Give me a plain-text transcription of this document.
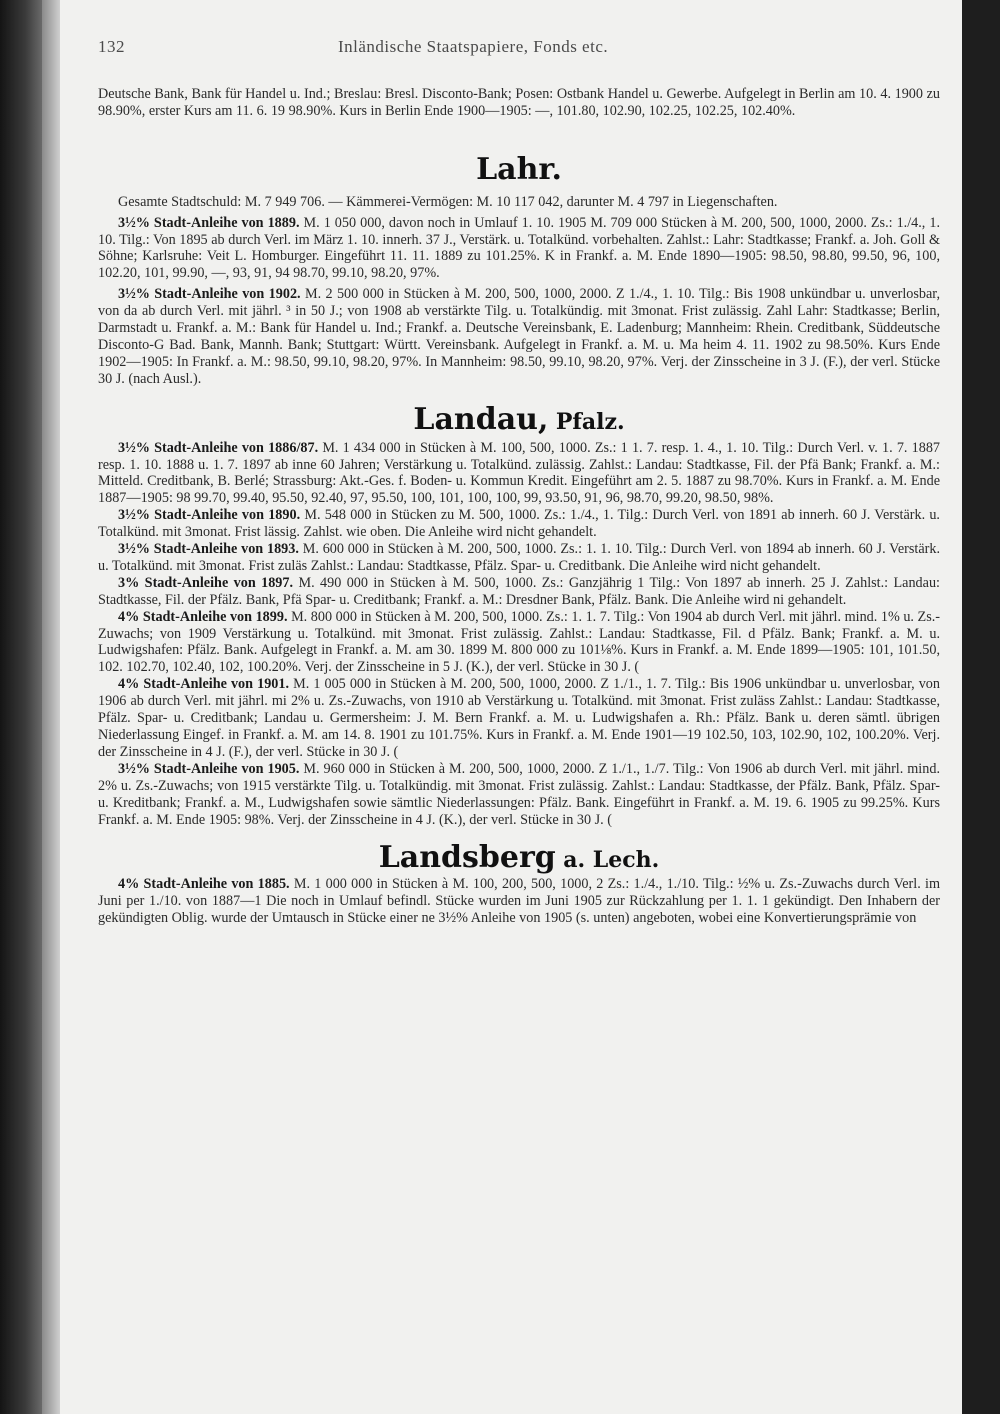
132	Inländische Staatspapiere, Fonds etc.

Deutsche Bank, Bank für Handel u. Ind.; Breslau: Bresl. Disconto-Bank; Posen: Ostbank Handel u. Gewerbe. Aufgelegt in Berlin am 10. 4. 1900 zu 98.90%, erster Kurs am 11. 6. 19 98.90%. Kurs in Berlin Ende 1900—1905: —, 101.80, 102.90, 102.25, 102.25, 102.40%.

Lahr.

Gesamte Stadtschuld: M. 7 949 706. — Kämmerei-Vermögen: M. 10 117 042, darunter M. 4 797 in Liegenschaften.

3½% Stadt-Anleihe von 1889. M. 1 050 000, davon noch in Umlauf 1. 10. 1905 M. 709 000 Stücken à M. 200, 500, 1000, 2000. Zs.: 1./4., 1. 10. Tilg.: Von 1895 ab durch Verl. im März 1. 10. innerh. 37 J., Verstärk. u. Totalkünd. vorbehalten. Zahlst.: Lahr: Stadtkasse; Frankf. a. Joh. Goll & Söhne; Karlsruhe: Veit L. Homburger. Eingeführt 11. 11. 1889 zu 101.25%. K in Frankf. a. M. Ende 1890—1905: 98.50, 98.80, 99.50, 96, 100, 102.20, 101, 99.90, —, 93, 91, 94 98.70, 99.10, 98.20, 97%.

3½% Stadt-Anleihe von 1902. M. 2 500 000 in Stücken à M. 200, 500, 1000, 2000. Z 1./4., 1. 10. Tilg.: Bis 1908 unkündbar u. unverlosbar, von da ab durch Verl. mit jährl. ³ in 50 J.; von 1908 ab verstärkte Tilg. u. Totalkündig. mit 3monat. Frist zulässig. Zahl Lahr: Stadtkasse; Berlin, Darmstadt u. Frankf. a. M.: Bank für Handel u. Ind.; Frankf. a. Deutsche Vereinsbank, E. Ladenburg; Mannheim: Rhein. Creditbank, Süddeutsche Disconto-G Bad. Bank, Mannh. Bank; Stuttgart: Württ. Vereinsbank. Aufgelegt in Frankf. a. M. u. Ma heim 4. 11. 1902 zu 98.50%. Kurs Ende 1902—1905: In Frankf. a. M.: 98.50, 99.10, 98.20, 97%. In Mannheim: 98.50, 99.10, 98.20, 97%. Verj. der Zinsscheine in 3 J. (F.), der verl. Stücke 30 J. (nach Ausl.).

Landau, Pfalz.

3½% Stadt-Anleihe von 1886/87. M. 1 434 000 in Stücken à M. 100, 500, 1000. Zs.: 1 1. 7. resp. 1. 4., 1. 10. Tilg.: Durch Verl. v. 1. 7. 1887 resp. 1. 10. 1888 u. 1. 7. 1897 ab inne 60 Jahren; Verstärkung u. Totalkünd. zulässig. Zahlst.: Landau: Stadtkasse, Fil. der Pfä Bank; Frankf. a. M.: Mitteld. Creditbank, B. Berlé; Strassburg: Akt.-Ges. f. Boden- u. Kommun Kredit. Eingeführt am 2. 5. 1887 zu 98.70%. Kurs in Frankf. a. M. Ende 1887—1905: 98 99.70, 99.40, 95.50, 92.40, 97, 95.50, 100, 101, 100, 100, 99, 93.50, 91, 96, 98.70, 99.20, 98.50, 98%.

3½% Stadt-Anleihe von 1890. M. 548 000 in Stücken zu M. 500, 1000. Zs.: 1./4., 1. Tilg.: Durch Verl. von 1891 ab innerh. 60 J. Verstärk. u. Totalkünd. mit 3monat. Frist lässig. Zahlst. wie oben. Die Anleihe wird nicht gehandelt.

3½% Stadt-Anleihe von 1893. M. 600 000 in Stücken à M. 200, 500, 1000. Zs.: 1. 1. 10. Tilg.: Durch Verl. von 1894 ab innerh. 60 J. Verstärk. u. Totalkünd. mit 3monat. Frist zuläs Zahlst.: Landau: Stadtkasse, Pfälz. Spar- u. Creditbank. Die Anleihe wird nicht gehandelt.

3% Stadt-Anleihe von 1897. M. 490 000 in Stücken à M. 500, 1000. Zs.: Ganzjährig 1 Tilg.: Von 1897 ab innerh. 25 J. Zahlst.: Landau: Stadtkasse, Fil. der Pfälz. Bank, Pfä Spar- u. Creditbank; Frankf. a. M.: Dresdner Bank, Pfälz. Bank. Die Anleihe wird ni gehandelt.

4% Stadt-Anleihe von 1899. M. 800 000 in Stücken à M. 200, 500, 1000. Zs.: 1. 1. 7. Tilg.: Von 1904 ab durch Verl. mit jährl. mind. 1% u. Zs.-Zuwachs; von 1909 Verstärkung u. Totalkünd. mit 3monat. Frist zulässig. Zahlst.: Landau: Stadtkasse, Fil. d Pfälz. Bank; Frankf. a. M. u. Ludwigshafen: Pfälz. Bank. Aufgelegt in Frankf. a. M. am 30. 1899 M. 800 000 zu 101⅛%. Kurs in Frankf. a. M. Ende 1899—1905: 101, 101.50, 102. 102.70, 102.40, 102, 100.20%. Verj. der Zinsscheine in 5 J. (K.), der verl. Stücke in 30 J. (

4% Stadt-Anleihe von 1901. M. 1 005 000 in Stücken à M. 200, 500, 1000, 2000. Z 1./1., 1. 7. Tilg.: Bis 1906 unkündbar u. unverlosbar, von 1906 ab durch Verl. mit jährl. mi 2% u. Zs.-Zuwachs, von 1910 ab Verstärkung u. Totalkünd. mit 3monat. Frist zuläss Zahlst.: Landau: Stadtkasse, Pfälz. Spar- u. Creditbank; Landau u. Germersheim: J. M. Bern Frankf. a. M. u. Ludwigshafen a. Rh.: Pfälz. Bank u. deren sämtl. übrigen Niederlassung Eingef. in Frankf. a. M. am 14. 8. 1901 zu 101.75%. Kurs in Frankf. a. M. Ende 1901—19 102.50, 103, 102.90, 102, 100.20%. Verj. der Zinsscheine in 4 J. (F.), der verl. Stücke in 30 J. (

3½% Stadt-Anleihe von 1905. M. 960 000 in Stücken à M. 200, 500, 1000, 2000. Z 1./1., 1./7. Tilg.: Von 1906 ab durch Verl. mit jährl. mind. 2% u. Zs.-Zuwachs; von 1915 verstärkte Tilg. u. Totalkündig. mit 3monat. Frist zulässig. Zahlst.: Landau: Stadtkasse, der Pfälz. Bank, Pfälz. Spar- u. Kreditbank; Frankf. a. M., Ludwigshafen sowie sämtlic Niederlassungen: Pfälz. Bank. Eingeführt in Frankf. a. M. 19. 6. 1905 zu 99.25%. Kurs Frankf. a. M. Ende 1905: 98%. Verj. der Zinsscheine in 4 J. (K.), der verl. Stücke in 30 J. (

Landsberg a. Lech.

4% Stadt-Anleihe von 1885. M. 1 000 000 in Stücken à M. 100, 200, 500, 1000, 2 Zs.: 1./4., 1./10. Tilg.: ½% u. Zs.-Zuwachs durch Verl. im Juni per 1./10. von 1887—1 Die noch in Umlauf befindl. Stücke wurden im Juni 1905 zur Rückzahlung per 1. 1. 1 gekündigt. Den Inhabern der gekündigten Oblig. wurde der Umtausch in Stücke einer ne 3½% Anleihe von 1905 (s. unten) angeboten, wobei eine Konvertierungsprämie von
